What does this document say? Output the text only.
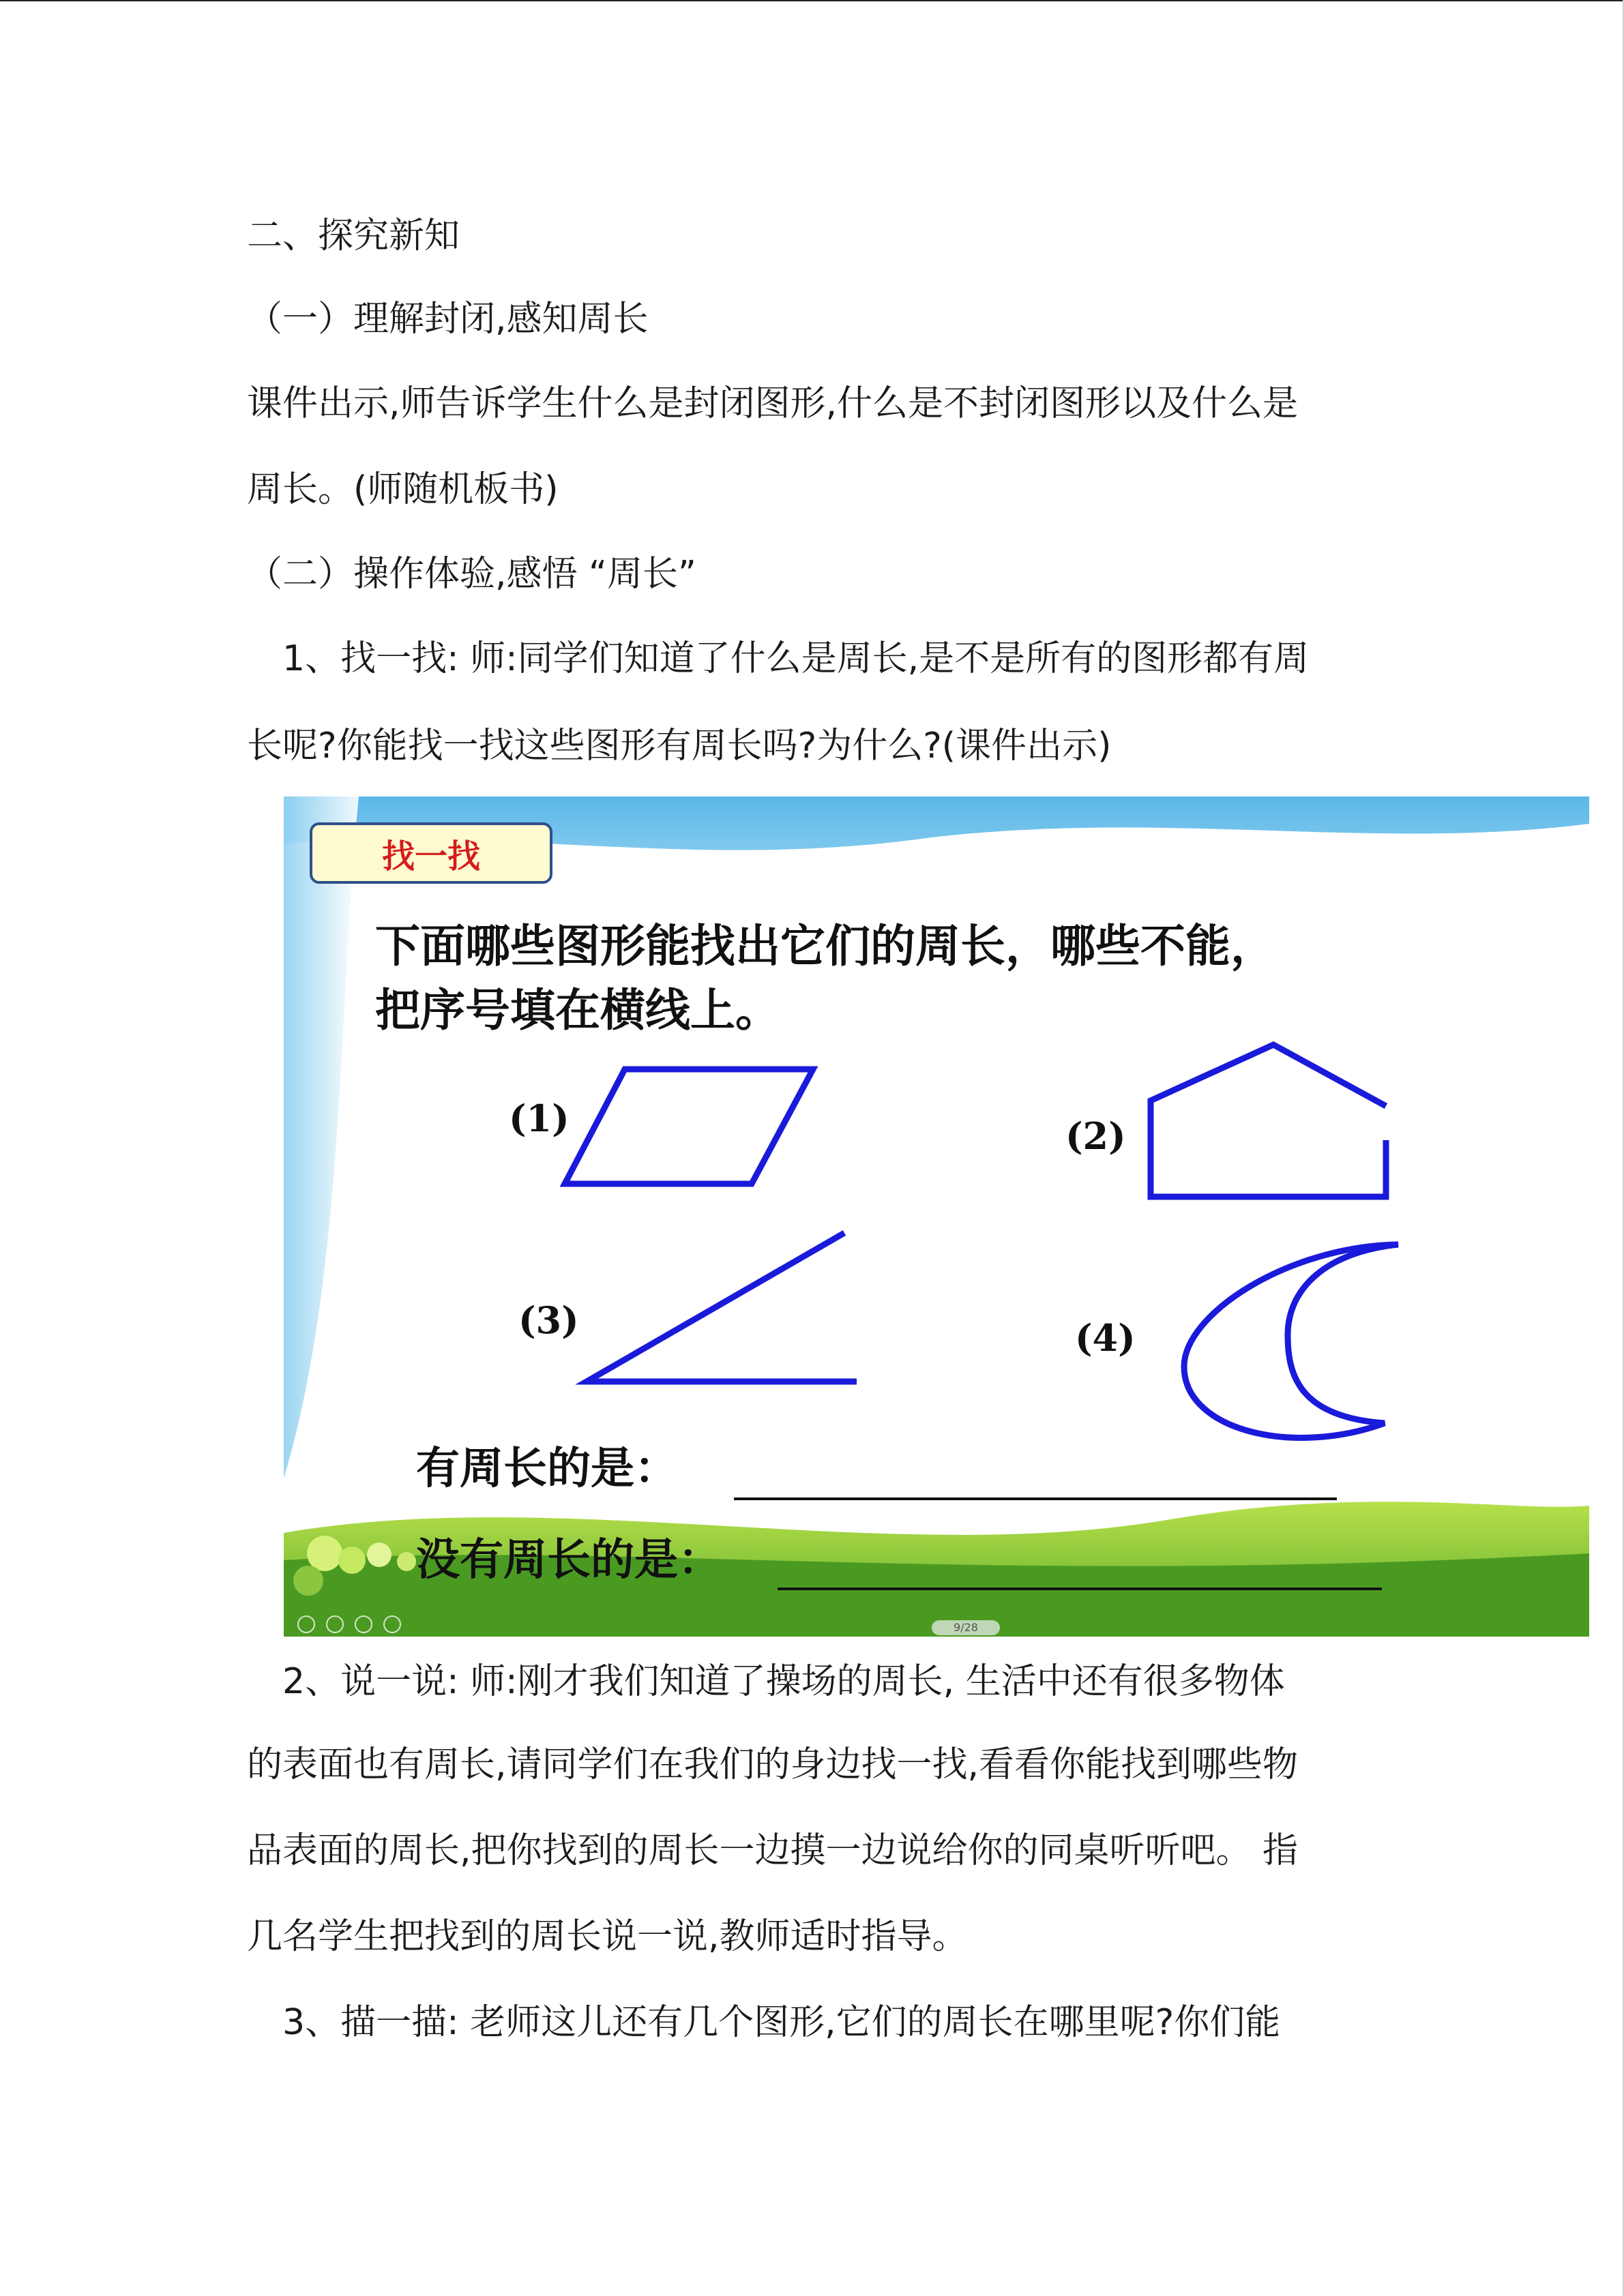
二、探究新知
（一）理解封闭,感知周长
课件出示,师告诉学生什么是封闭图形,什么是不封闭图形以及什么是
周长。(师随机板书)
（二）操作体验,感悟 “周长”
1、找一找: 师:同学们知道了什么是周长,是不是所有的图形都有周
长呢?你能找一找这些图形有周长吗?为什么?(课件出示)
找一找
下面哪些图形能找出它们的周长，哪些不能，
把序号填在横线上。
(1)	(2)
(3)	(4)
有周长的是：
没有周长的是：
9/28
2、说一说: 师:刚才我们知道了操场的周长, 生活中还有很多物体
的表面也有周长,请同学们在我们的身边找一找,看看你能找到哪些物
品表面的周长,把你找到的周长一边摸一边说给你的同桌听听吧。 指
几名学生把找到的周长说一说,教师适时指导。
3、描一描: 老师这儿还有几个图形,它们的周长在哪里呢?你们能
